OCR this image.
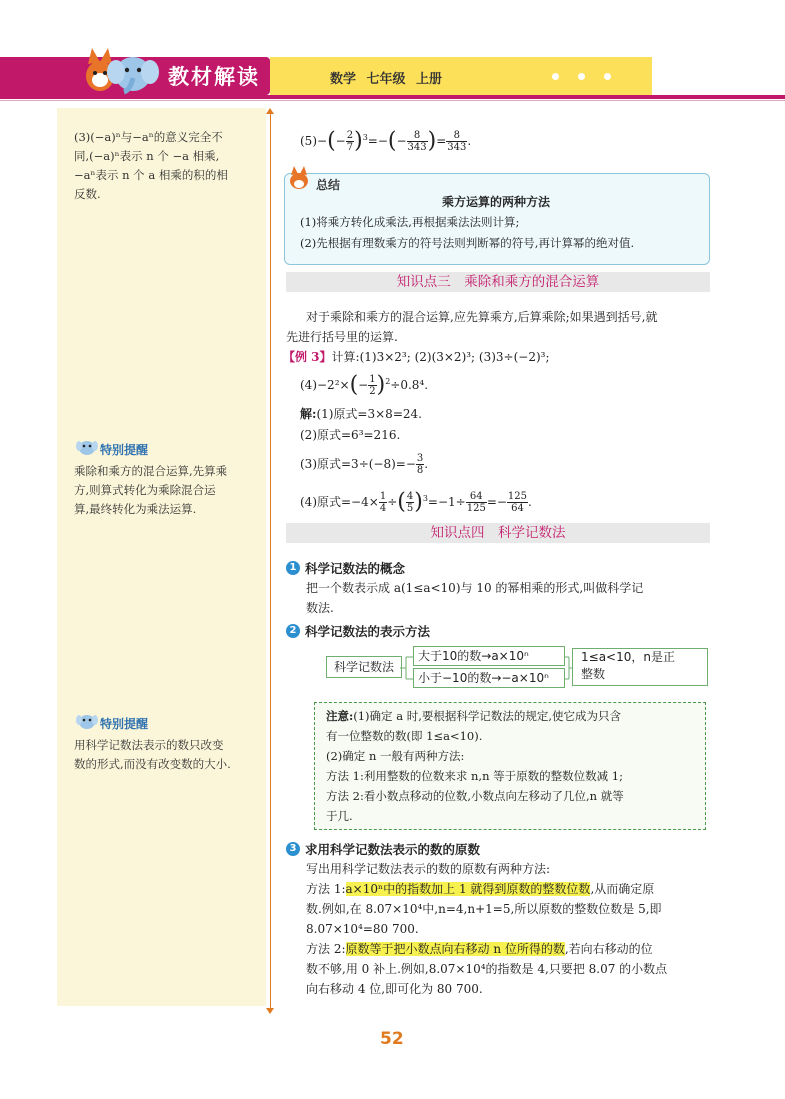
教材解读	数学 七年级 上册
(3)(−a)ⁿ与−aⁿ的意义完全不
同,(−a)ⁿ表示 n 个 −a 相乘,
−aⁿ表示 n 个 a 相乘的积的相
反数.
特别提醒
乘除和乘方的混合运算,先算乘
方,则算式转化为乘除混合运
算,最终转化为乘法运算.
特别提醒
用科学记数法表示的数只改变
数的形式,而没有改变数的大小.
$(5)-(- \frac{2}{7} )^3=-(- \frac{8}{343}$ )= $\frac{8}{343}$ .
总结
乘方运算的两种方法
(1)将乘方转化成乘法,再根据乘法法则计算;
(2)先根据有理数乘方的符号法则判断幂的符号,再计算幂的绝对值.
知识点三　乘除和乘方的混合运算
对于乘除和乘方的混合运算,应先算乘方,后算乘除;如果遇到括号,就
先进行括号里的运算.
【例 3】计算:(1)3×2³; (2)(3×2)³; (3)3÷(−2)³;
$(4)-2^2\times(- \frac{1}{2} )^2\div 0.8^4$.
解:(1)原式=3×8=24.
(2)原式=6³=216.
(3)原式$=3\div(-8)=- \frac{3}{8}$ .
(4)原式$=-4\times \frac{1}{4}$ ÷( $\frac{4}{5} )^3=-1\div \frac{64}{125} =- \frac{125}{64}$ .
知识点四　科学记数法
1 科学记数法的概念
把一个数表示成 a(1≤a<10)与 10 的幂相乘的形式,叫做科学记
数法.
2 科学记数法的表示方法
科学记数法
大于10的数→a×10ⁿ
小于−10的数→−a×10ⁿ
1≤a<10，n是正
整数
注意:(1)确定 a 时,要根据科学记数法的规定,使它成为只含
有一位整数的数(即 1≤a<10).
(2)确定 n 一般有两种方法:
方法 1:利用整数的位数来求 n,n 等于原数的整数位数减 1;
方法 2:看小数点移动的位数,小数点向左移动了几位,n 就等
于几.
3 求用科学记数法表示的数的原数
写出用科学记数法表示的数的原数有两种方法:
方法 1:a×10ⁿ中的指数加上 1 就得到原数的整数位数,从而确定原
数.例如,在 8.07×10⁴中,n=4,n+1=5,所以原数的整数位数是 5,即
8.07×10⁴=80 700.
方法 2:原数等于把小数点向右移动 n 位所得的数,若向右移动的位
数不够,用 0 补上.例如,8.07×10⁴的指数是 4,只要把 8.07 的小数点
向右移动 4 位,即可化为 80 700.
52
